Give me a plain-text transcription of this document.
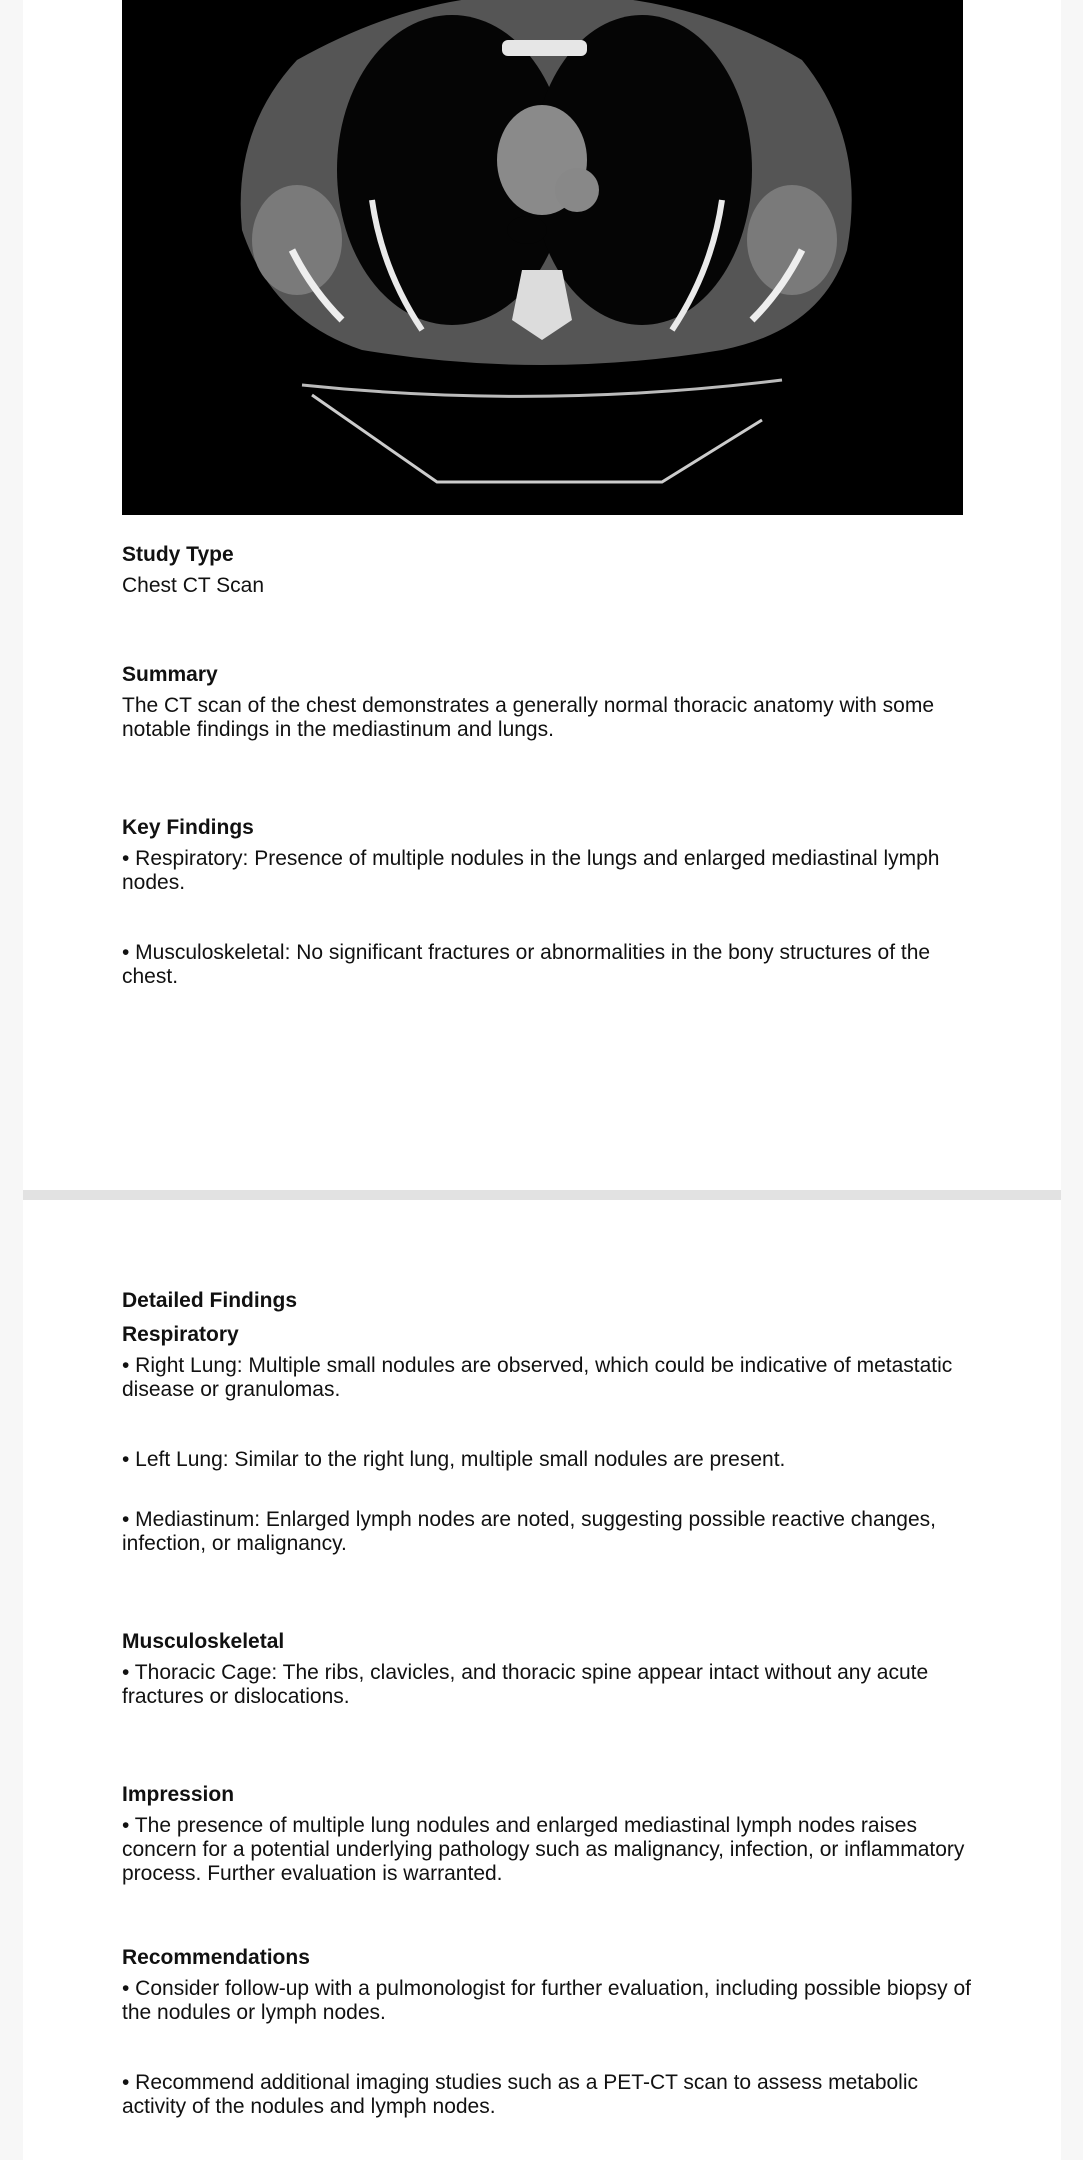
Study Type

Chest CT Scan

Summary

The CT scan of the chest demonstrates a generally normal thoracic anatomy with some notable findings in the mediastinum and lungs.

Key Findings

• Respiratory: Presence of multiple nodules in the lungs and enlarged mediastinal lymph nodes.

• Musculoskeletal: No significant fractures or abnormalities in the bony structures of the chest.

Detailed Findings

Respiratory

• Right Lung: Multiple small nodules are observed, which could be indicative of metastatic disease or granulomas.

• Left Lung: Similar to the right lung, multiple small nodules are present.

• Mediastinum: Enlarged lymph nodes are noted, suggesting possible reactive changes, infection, or malignancy.

Musculoskeletal

• Thoracic Cage: The ribs, clavicles, and thoracic spine appear intact without any acute fractures or dislocations.

Impression

• The presence of multiple lung nodules and enlarged mediastinal lymph nodes raises concern for a potential underlying pathology such as malignancy, infection, or inflammatory process. Further evaluation is warranted.

Recommendations

• Consider follow-up with a pulmonologist for further evaluation, including possible biopsy of the nodules or lymph nodes.

• Recommend additional imaging studies such as a PET-CT scan to assess metabolic activity of the nodules and lymph nodes.
